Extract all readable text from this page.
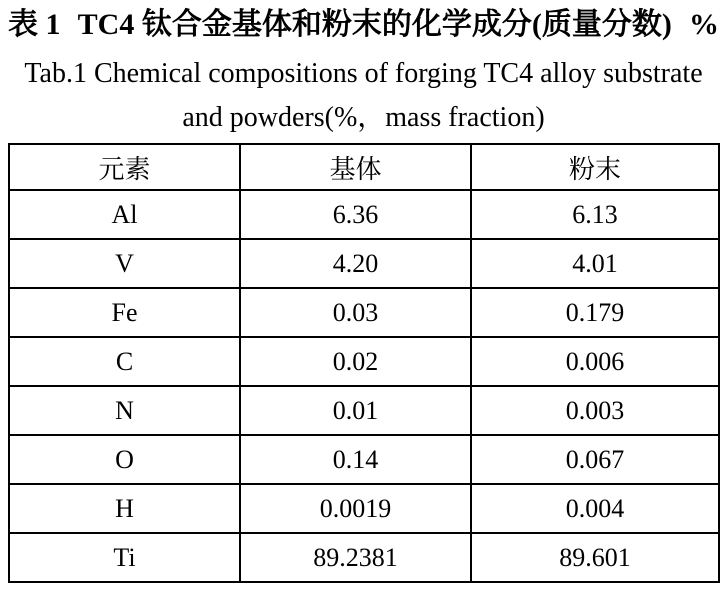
表 1 TC4 钛合金基体和粉末的化学成分(质量分数) %
Tab.1 Chemical compositions of forging TC4 alloy substrate
and powders(%，mass fraction)
元素	基体	粉末
Al	6.36	6.13
V	4.20	4.01
Fe	0.03	0.179
C	0.02	0.006
N	0.01	0.003
O	0.14	0.067
H	0.0019	0.004
Ti	89.2381	89.601
